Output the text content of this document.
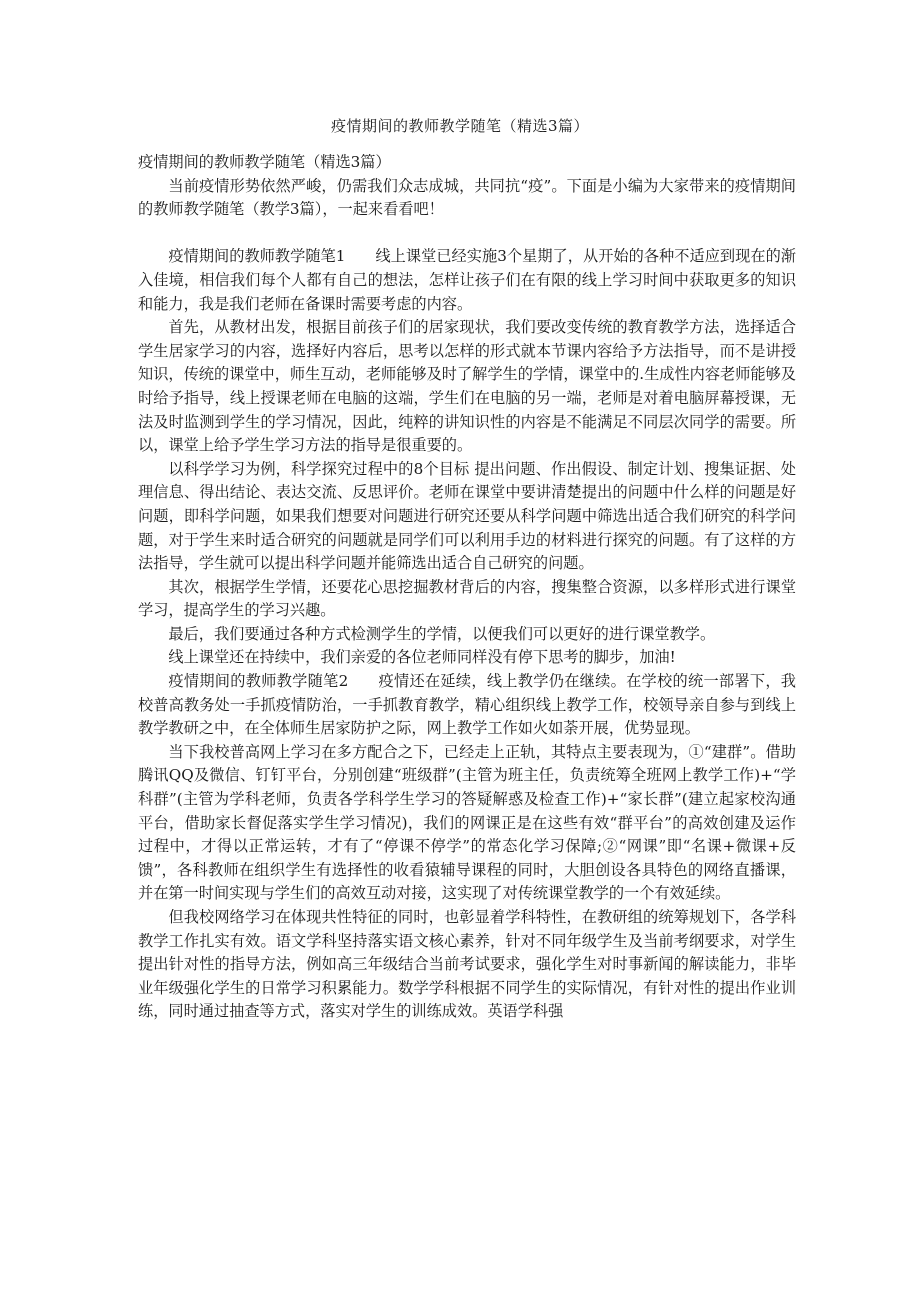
疫情期间的教师教学随笔（精选3篇）

疫情期间的教师教学随笔（精选3篇）

当前疫情形势依然严峻，仍需我们众志成城，共同抗“疫”。下面是小编为大家带来的疫情期间的教师教学随笔（教学3篇），一起来看看吧！

疫情期间的教师教学随笔1 线上课堂已经实施3个星期了，从开始的各种不适应到现在的渐入佳境，相信我们每个人都有自己的想法，怎样让孩子们在有限的线上学习时间中获取更多的知识和能力，我是我们老师在备课时需要考虑的内容。

首先，从教材出发，根据目前孩子们的居家现状，我们要改变传统的教育教学方法，选择适合学生居家学习的内容，选择好内容后，思考以怎样的形式就本节课内容给予方法指导，而不是讲授知识，传统的课堂中，师生互动，老师能够及时了解学生的学情，课堂中的.生成性内容老师能够及时给予指导，线上授课老师在电脑的这端，学生们在电脑的另一端，老师是对着电脑屏幕授课，无法及时监测到学生的学习情况，因此，纯粹的讲知识性的内容是不能满足不同层次同学的需要。所以，课堂上给予学生学习方法的指导是很重要的。

以科学学习为例，科学探究过程中的8个目标 提出问题、作出假设、制定计划、搜集证据、处理信息、得出结论、表达交流、反思评价。老师在课堂中要讲清楚提出的问题中什么样的问题是好问题，即科学问题，如果我们想要对问题进行研究还要从科学问题中筛选出适合我们研究的科学问题，对于学生来时适合研究的问题就是同学们可以利用手边的材料进行探究的问题。有了这样的方法指导，学生就可以提出科学问题并能筛选出适合自己研究的问题。

其次，根据学生学情，还要花心思挖掘教材背后的内容，搜集整合资源，以多样形式进行课堂学习，提高学生的学习兴趣。

最后，我们要通过各种方式检测学生的学情，以便我们可以更好的进行课堂教学。

线上课堂还在持续中，我们亲爱的各位老师同样没有停下思考的脚步，加油!

疫情期间的教师教学随笔2 疫情还在延续，线上教学仍在继续。在学校的统一部署下，我校普高教务处一手抓疫情防治，一手抓教育教学，精心组织线上教学工作，校领导亲自参与到线上教学教研之中，在全体师生居家防护之际，网上教学工作如火如荼开展，优势显现。

当下我校普高网上学习在多方配合之下，已经走上正轨，其特点主要表现为，①“建群”。借助腾讯QQ及微信、钉钉平台，分别创建“班级群”(主管为班主任，负责统筹全班网上教学工作)+“学科群”(主管为学科老师，负责各学科学生学习的答疑解惑及检查工作)+“家长群”(建立起家校沟通平台，借助家长督促落实学生学习情况)，我们的网课正是在这些有效“群平台”的高效创建及运作过程中，才得以正常运转，才有了“停课不停学”的常态化学习保障;②“网课”即“名课+微课+反馈”，各科教师在组织学生有选择性的收看猿辅导课程的同时，大胆创设各具特色的网络直播课，并在第一时间实现与学生们的高效互动对接，这实现了对传统课堂教学的一个有效延续。

但我校网络学习在体现共性特征的同时，也彰显着学科特性，在教研组的统筹规划下，各学科教学工作扎实有效。语文学科坚持落实语文核心素养，针对不同年级学生及当前考纲要求，对学生提出针对性的指导方法，例如高三年级结合当前考试要求，强化学生对时事新闻的解读能力，非毕业年级强化学生的日常学习积累能力。数学学科根据不同学生的实际情况，有针对性的提出作业训练，同时通过抽查等方式，落实对学生的训练成效。英语学科强
